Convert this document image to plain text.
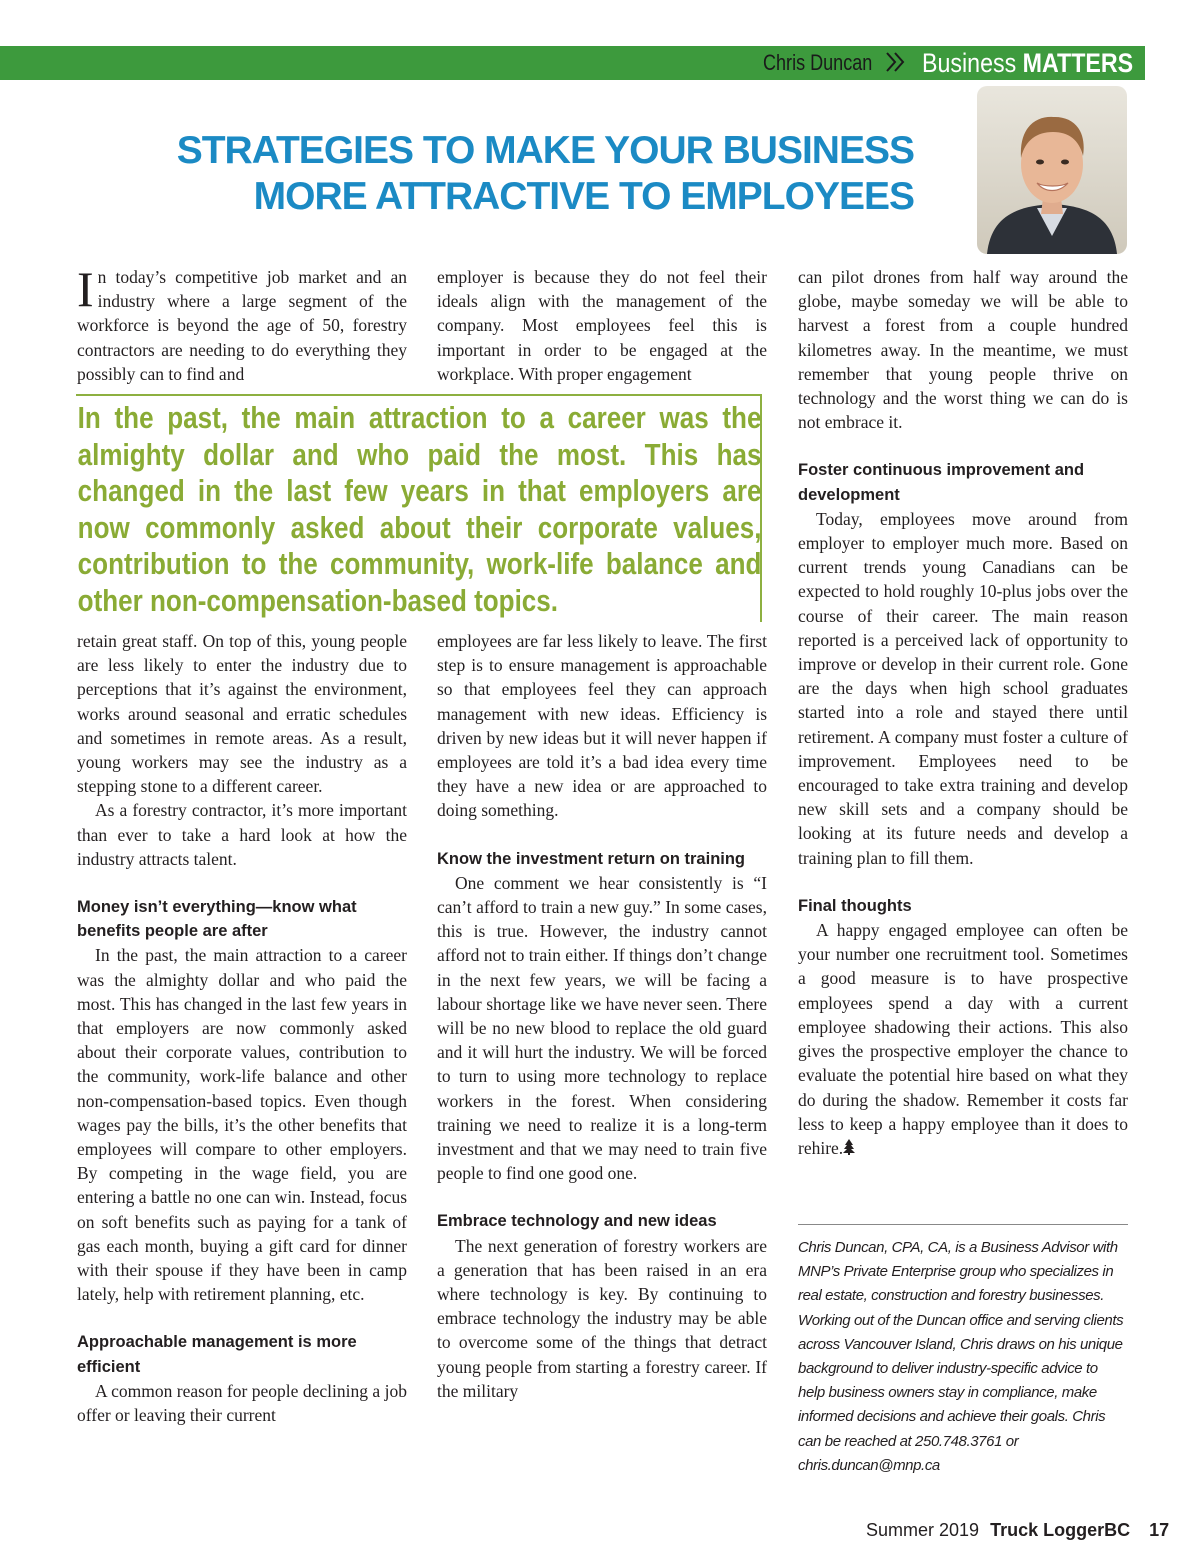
Chris Duncan Business MATTERS
STRATEGIES TO MAKE YOUR BUSINESS
MORE ATTRACTIVE TO EMPLOYEES

In today’s competitive job market and an industry where a large segment of the workforce is beyond the age of 50, forestry contractors are needing to do everything they possibly can to find and

employer is because they do not feel their ideals align with the management of the company. Most employees feel this is important in order to be engaged at the workplace. With proper engagement

In the past, the main attraction to a career was the almighty dollar and who paid the most. This has changed in the last few years in that employers are now commonly asked about their corporate values, contribution to the community, work-life balance and other non-compensation-based topics.

retain great staff. On top of this, young people are less likely to enter the industry due to perceptions that it’s against the environment, works around seasonal and erratic schedules and sometimes in remote areas. As a result, young workers may see the industry as a stepping stone to a different career.

As a forestry contractor, it’s more important than ever to take a hard look at how the industry attracts talent.

Money isn’t everything—know what benefits people are after

In the past, the main attraction to a career was the almighty dollar and who paid the most. This has changed in the last few years in that employers are now commonly asked about their corporate values, contribution to the community, work-life balance and other non-compensation-based topics. Even though wages pay the bills, it’s the other benefits that employees will compare to other employers. By competing in the wage field, you are entering a battle no one can win. Instead, focus on soft benefits such as paying for a tank of gas each month, buying a gift card for dinner with their spouse if they have been in camp lately, help with retirement planning, etc.

Approachable management is more efficient

A common reason for people declining a job offer or leaving their current

employees are far less likely to leave. The first step is to ensure management is approachable so that employees feel they can approach management with new ideas. Efficiency is driven by new ideas but it will never happen if employees are told it’s a bad idea every time they have a new idea or are approached to doing something.

Know the investment return on training

One comment we hear consistently is “I can’t afford to train a new guy.” In some cases, this is true. However, the industry cannot afford not to train either. If things don’t change in the next few years, we will be facing a labour shortage like we have never seen. There will be no new blood to replace the old guard and it will hurt the industry. We will be forced to turn to using more technology to replace workers in the forest. When considering training we need to realize it is a long-term investment and that we may need to train five people to find one good one.

Embrace technology and new ideas

The next generation of forestry workers are a generation that has been raised in an era where technology is key. By continuing to embrace technology the industry may be able to overcome some of the things that detract young people from starting a forestry career. If the military

can pilot drones from half way around the globe, maybe someday we will be able to harvest a forest from a couple hundred kilometres away. In the meantime, we must remember that young people thrive on technology and the worst thing we can do is not embrace it.

Foster continuous improvement and development

Today, employees move around from employer to employer much more. Based on current trends young Canadians can be expected to hold roughly 10-plus jobs over the course of their career. The main reason reported is a perceived lack of opportunity to improve or develop in their current role. Gone are the days when high school graduates started into a role and stayed there until retirement. A company must foster a culture of improvement. Employees need to be encouraged to take extra training and develop new skill sets and a company should be looking at its future needs and develop a training plan to fill them.

Final thoughts

A happy engaged employee can often be your number one recruitment tool. Sometimes a good measure is to have prospective employees spend a day with a current employee shadowing their actions. This also gives the prospective employer the chance to evaluate the potential hire based on what they do during the shadow. Remember it costs far less to keep a happy employee than it does to rehire.

Chris Duncan, CPA, CA, is a Business Advisor with MNP’s Private Enterprise group who specializes in real estate, construction and forestry businesses. Working out of the Duncan office and serving clients across Vancouver Island, Chris draws on his unique background to deliver industry-specific advice to help business owners stay in compliance, make informed decisions and achieve their goals. Chris can be reached at 250.748.3761 or chris.duncan@mnp.ca
Summer 2019 Truck LoggerBC 17
